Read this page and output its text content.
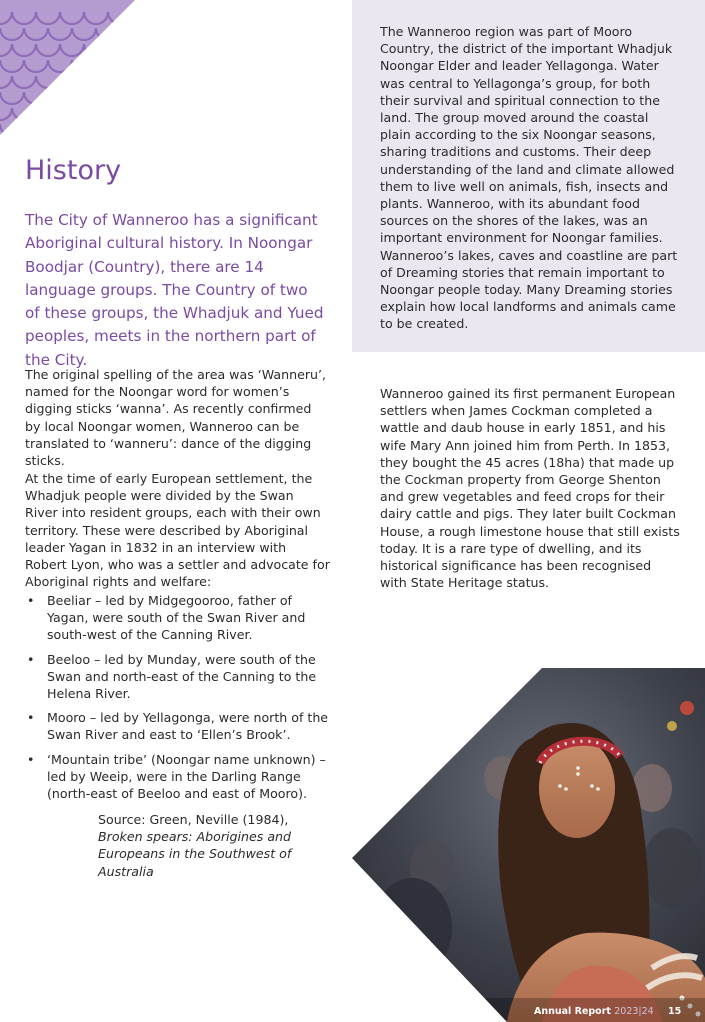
The Wanneroo region was part of Mooro Country, the district of the important Whadjuk Noongar Elder and leader Yellagonga. Water was central to Yellagonga’s group, for both their survival and spiritual connection to the land. The group moved around the coastal plain according to the six Noongar seasons, sharing traditions and customs. Their deep understanding of the land and climate allowed them to live well on animals, fish, insects and plants. Wanneroo, with its abundant food sources on the shores of the lakes, was an important environment for Noongar families. Wanneroo’s lakes, caves and coastline are part of Dreaming stories that remain important to Noongar people today. Many Dreaming stories explain how local landforms and animals came to be created.

History

The City of Wanneroo has a significant Aboriginal cultural history. In Noongar Boodjar (Country), there are 14 language groups. The Country of two of these groups, the Whadjuk and Yued peoples, meets in the northern part of the City.

The original spelling of the area was ‘Wanneru’, named for the Noongar word for women’s digging sticks ‘wanna’. As recently confirmed by local Noongar women, Wanneroo can be translated to ‘wanneru’: dance of the digging sticks.

At the time of early European settlement, the Whadjuk people were divided by the Swan River into resident groups, each with their own territory. These were described by Aboriginal leader Yagan in 1832 in an interview with Robert Lyon, who was a settler and advocate for Aboriginal rights and welfare:

• Beeliar – led by Midgegooroo, father of Yagan, were south of the Swan River and south-west of the Canning River.
• Beeloo – led by Munday, were south of the Swan and north-east of the Canning to the Helena River.
• Mooro – led by Yellagonga, were north of the Swan River and east to ‘Ellen’s Brook’.
• ‘Mountain tribe’ (Noongar name unknown) – led by Weeip, were in the Darling Range (north-east of Beeloo and east of Mooro).

Source: Green, Neville (1984), Broken spears: Aborigines and Europeans in the Southwest of Australia

Wanneroo gained its first permanent European settlers when James Cockman completed a wattle and daub house in early 1851, and his wife Mary Ann joined him from Perth. In 1853, they bought the 45 acres (18ha) that made up the Cockman property from George Shenton and grew vegetables and feed crops for their dairy cattle and pigs. They later built Cockman House, a rough limestone house that still exists today. It is a rare type of dwelling, and its historical significance has been recognised with State Heritage status.

Annual Report 2023|24 15
